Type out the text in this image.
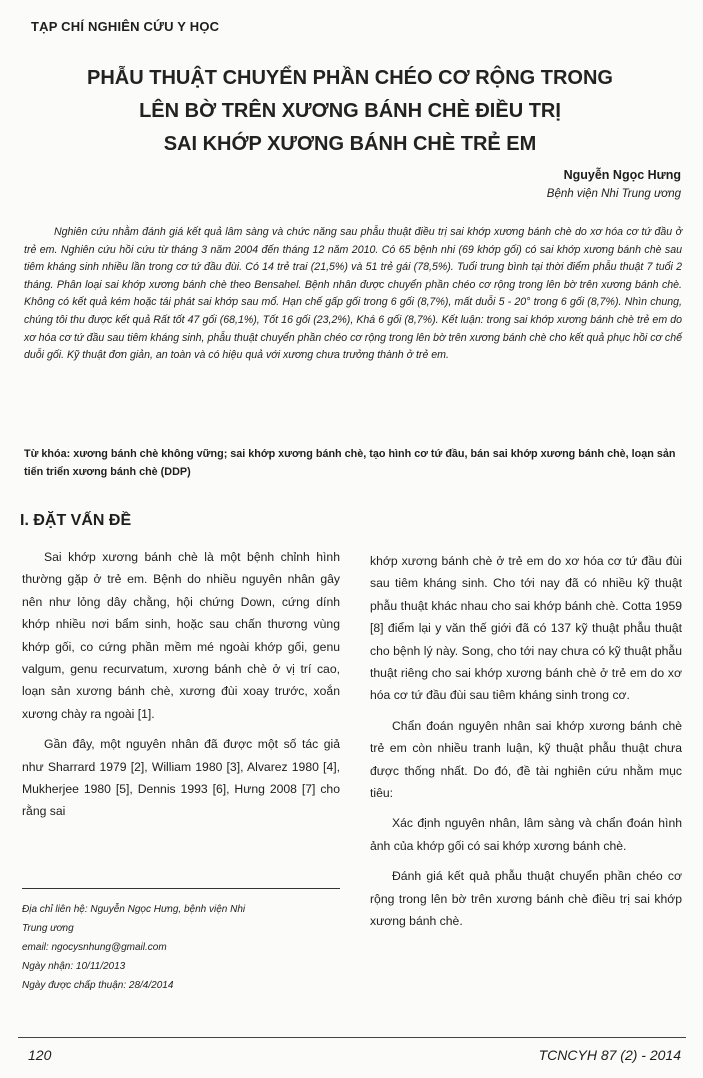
TẠP CHÍ NGHIÊN CỨU Y HỌC
PHẪU THUẬT CHUYỂN PHẦN CHÉO CƠ RỘNG TRONG
LÊN BỜ TRÊN XƯƠNG BÁNH CHÈ ĐIỀU TRỊ
SAI KHỚP XƯƠNG BÁNH CHÈ TRẺ EM
Nguyễn Ngọc Hưng
Bệnh viện Nhi Trung ương
Nghiên cứu nhằm đánh giá kết quả lâm sàng và chức năng sau phẫu thuật điều trị sai khớp xương bánh chè do xơ hóa cơ tứ đầu ở trẻ em. Nghiên cứu hồi cứu từ tháng 3 năm 2004 đến tháng 12 năm 2010. Có 65 bệnh nhi (69 khớp gối) có sai khớp xương bánh chè sau tiêm kháng sinh nhiều lần trong cơ tứ đầu đùi. Có 14 trẻ trai (21,5%) và 51 trẻ gái (78,5%). Tuổi trung bình tại thời điểm phẫu thuật 7 tuổi 2 tháng. Phân loại sai khớp xương bánh chè theo Bensahel. Bệnh nhân được chuyển phần chéo cơ rộng trong lên bờ trên xương bánh chè. Không có kết quả kém hoặc tái phát sai khớp sau mổ. Hạn chế gấp gối trong 6 gối (8,7%), mất duỗi 5 - 20° trong 6 gối (8,7%). Nhìn chung, chúng tôi thu được kết quả Rất tốt 47 gối (68,1%), Tốt 16 gối (23,2%), Khá 6 gối (8,7%). Kết luận: trong sai khớp xương bánh chè trẻ em do xơ hóa cơ tứ đầu sau tiêm kháng sinh, phẫu thuật chuyển phần chéo cơ rộng trong lên bờ trên xương bánh chè cho kết quả phục hồi cơ chế duỗi gối. Kỹ thuật đơn giản, an toàn và có hiệu quả với xương chưa trưởng thành ở trẻ em.
Từ khóa: xương bánh chè không vững; sai khớp xương bánh chè, tạo hình cơ tứ đầu, bán sai khớp xương bánh chè, loạn sản tiến triển xương bánh chè (DDP)
I. ĐẶT VẤN ĐỀ

Sai khớp xương bánh chè là một bệnh chỉnh hình thường gặp ở trẻ em. Bệnh do nhiều nguyên nhân gây nên như lỏng dây chằng, hội chứng Down, cứng dính khớp nhiều nơi bẩm sinh, hoặc sau chấn thương vùng khớp gối, co cứng phần mềm mé ngoài khớp gối, genu valgum, genu recurvatum, xương bánh chè ở vị trí cao, loạn sản xương bánh chè, xương đùi xoay trước, xoắn xương chày ra ngoài [1].

Gần đây, một nguyên nhân đã được một số tác giả như Sharrard 1979 [2], William 1980 [3], Alvarez 1980 [4], Mukherjee 1980 [5], Dennis 1993 [6], Hưng 2008 [7] cho rằng sai

khớp xương bánh chè ở trẻ em do xơ hóa cơ tứ đầu đùi sau tiêm kháng sinh. Cho tới nay đã có nhiều kỹ thuật phẫu thuật khác nhau cho sai khớp bánh chè. Cotta 1959 [8] điểm lại y văn thế giới đã có 137 kỹ thuật phẫu thuật cho bệnh lý này. Song, cho tới nay chưa có kỹ thuật phẫu thuật riêng cho sai khớp xương bánh chè ở trẻ em do xơ hóa cơ tứ đầu đùi sau tiêm kháng sinh trong cơ.

Chẩn đoán nguyên nhân sai khớp xương bánh chè trẻ em còn nhiều tranh luận, kỹ thuật phẫu thuật chưa được thống nhất. Do đó, đề tài nghiên cứu nhằm mục tiêu:

Xác định nguyên nhân, lâm sàng và chẩn đoán hình ảnh của khớp gối có sai khớp xương bánh chè.

Đánh giá kết quả phẫu thuật chuyển phần chéo cơ rộng trong lên bờ trên xương bánh chè điều trị sai khớp xương bánh chè.

Địa chỉ liên hệ: Nguyễn Ngọc Hưng, bệnh viện Nhi
Trung ương
email: ngocysnhung@gmail.com
Ngày nhận: 10/11/2013
Ngày được chấp thuận: 28/4/2014
120	TCNCYH 87 (2) - 2014
